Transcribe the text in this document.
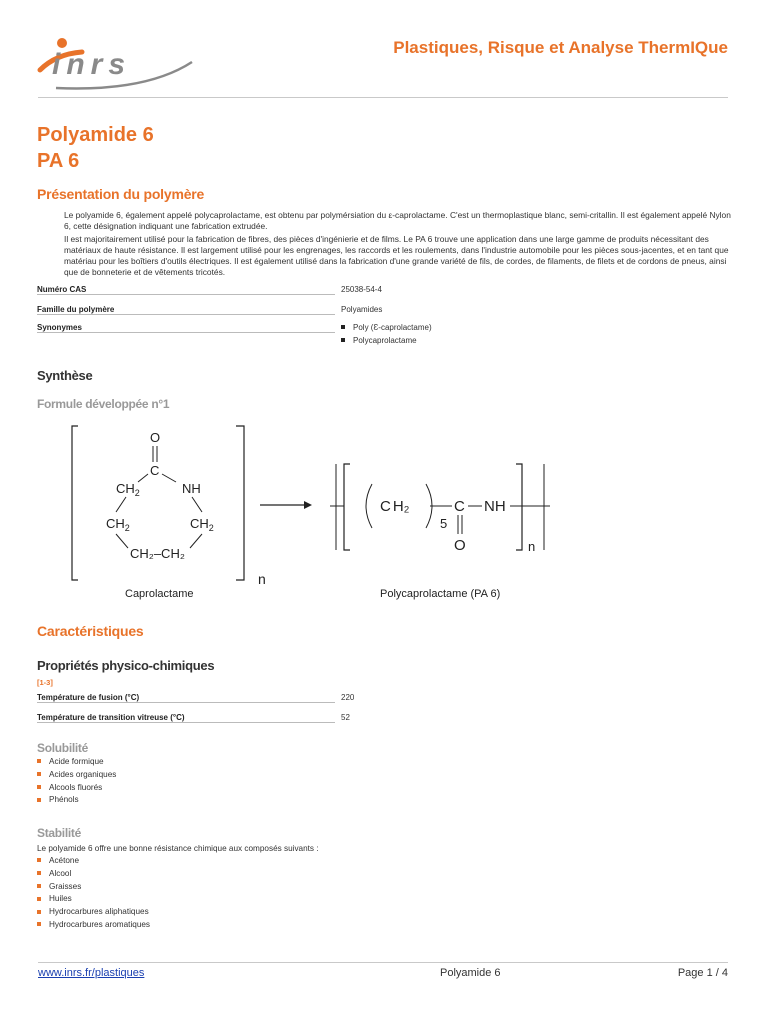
inrs
Plastiques, Risque et Analyse ThermIQue
Polyamide 6
PA 6
Présentation du polymère
Le polyamide 6, également appelé polycaprolactame, est obtenu par polymérsiation du ε-caprolactame. C'est un thermoplastique blanc, semi-critallin. Il est également appelé Nylon 6, cette désignation indiquant une fabrication extrudée.
Il est majoritairement utilisé pour la fabrication de fibres, des pièces d'ingénierie et de films. Le PA 6 trouve une application dans une large gamme de produits nécessitant des matériaux de haute résistance. Il est largement utilisé pour les engrenages, les raccords et les roulements, dans l'industrie automobile pour les pièces sous-jacentes, et en tant que matériau pour les boîtiers d'outils électriques. Il est également utilisé dans la fabrication d'une grande variété de fils, de cordes, de filaments, de filets et de cordons de pneus, ainsi que de bonneterie et de vêtements tricotés.
Numéro CAS	25038-54-4
Famille du polymère	Polyamides
Synonymes	Poly (Ɛ-caprolactame)
Polycaprolactame
Synthèse
Formule développée n°1
O
C
$CH_2$	NH
$CH_2$	$CH_2$
CH₂–CH₂
n
Caprolactame
C H₂
5
C
O
NH
n
Polycaprolactame (PA 6)
Caractéristiques
Propriétés physico-chimiques
[1-3]
Température de fusion (°C)	220
Température de transition vitreuse (°C)	52
Solubilité
Acide formique
Acides organiques
Alcools fluorés
Phénols
Stabilité
Le polyamide 6 offre une bonne résistance chimique aux composés suivants :
Acétone
Alcool
Graisses
Huiles
Hydrocarbures aliphatiques
Hydrocarbures aromatiques
www.inrs.fr/plastiques	Polyamide 6	Page 1 / 4
